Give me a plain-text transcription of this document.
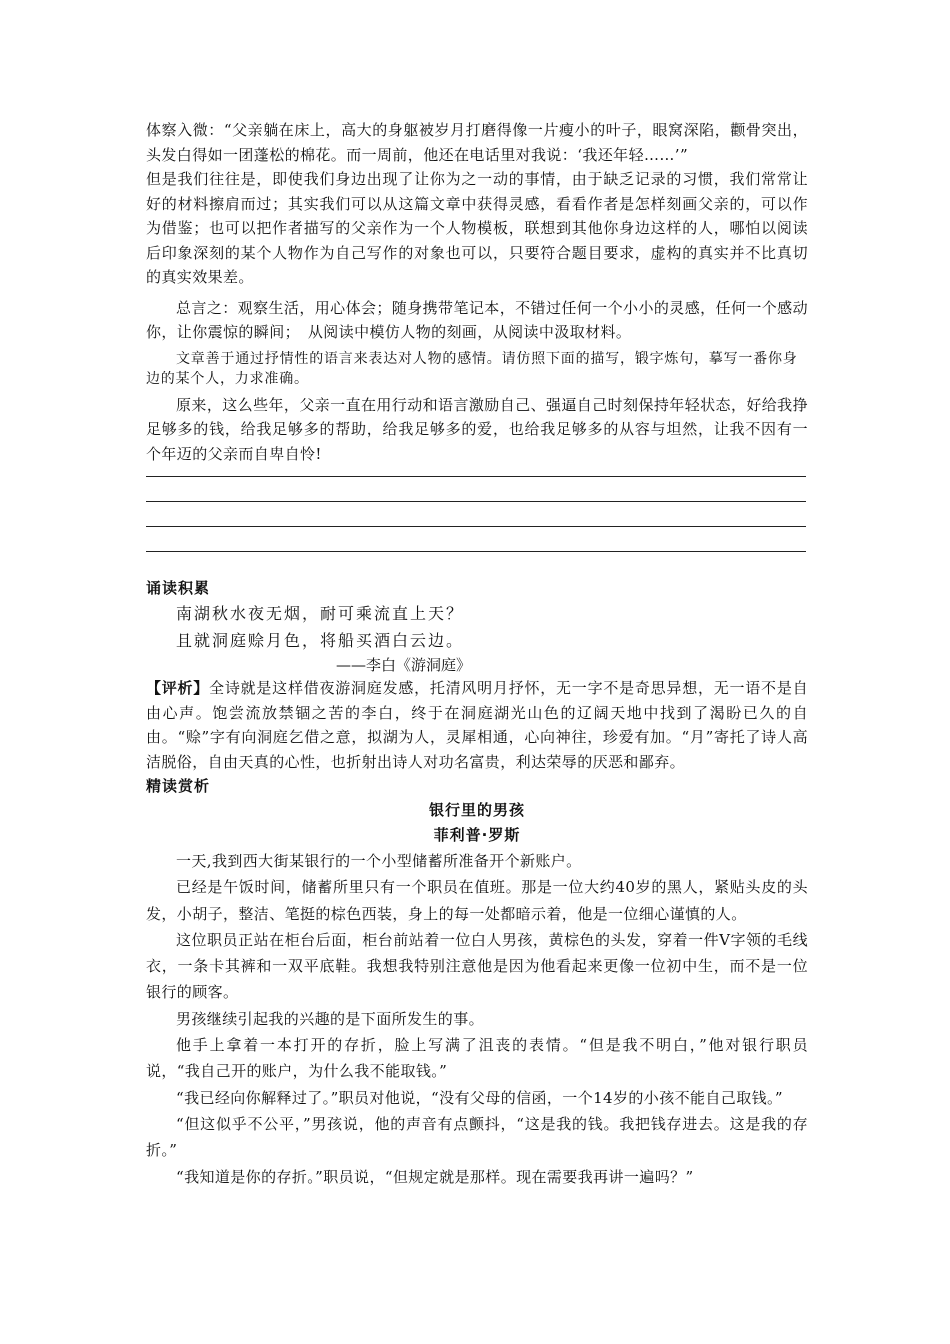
体察入微：“父亲躺在床上，高大的身躯被岁月打磨得像一片瘦小的叶子，眼窝深陷，颧骨突出，头发白得如一团蓬松的棉花。而一周前，他还在电话里对我说：‘我还年轻……’”

但是我们往往是，即使我们身边出现了让你为之一动的事情，由于缺乏记录的习惯，我们常常让好的材料擦肩而过；其实我们可以从这篇文章中获得灵感，看看作者是怎样刻画父亲的，可以作为借鉴；也可以把作者描写的父亲作为一个人物模板，联想到其他你身边这样的人，哪怕以阅读后印象深刻的某个人物作为自己写作的对象也可以，只要符合题目要求，虚构的真实并不比真切的真实效果差。

总言之：观察生活，用心体会；随身携带笔记本，不错过任何一个小小的灵感，任何一个感动你，让你震惊的瞬间；　从阅读中模仿人物的刻画，从阅读中汲取材料。

文章善于通过抒情性的语言来表达对人物的感情。请仿照下面的描写，锻字炼句，摹写一番你身边的某个人，力求准确。

原来，这么些年，父亲一直在用行动和语言激励自己、强逼自己时刻保持年轻状态，好给我挣足够多的钱，给我足够多的帮助，给我足够多的爱，也给我足够多的从容与坦然，让我不因有一个年迈的父亲而自卑自怜!

诵读积累

南湖秋水夜无烟，耐可乘流直上天？

且就洞庭赊月色，将船买酒白云边。

——李白《游洞庭》

【评析】全诗就是这样借夜游洞庭发感，托清风明月抒怀，无一字不是奇思异想，无一语不是自由心声。饱尝流放禁锢之苦的李白，终于在洞庭湖光山色的辽阔天地中找到了渴盼已久的自由。“赊”字有向洞庭乞借之意，拟湖为人，灵犀相通，心向神往，珍爱有加。“月”寄托了诗人高洁脱俗，自由天真的心性，也折射出诗人对功名富贵，利达荣辱的厌恶和鄙弃。

精读赏析
银行里的男孩
菲利普·罗斯

一天,我到西大街某银行的一个小型储蓄所准备开个新账户。

已经是午饭时间，储蓄所里只有一个职员在值班。那是一位大约40岁的黑人，紧贴头皮的头发，小胡子，整洁、笔挺的棕色西装，身上的每一处都暗示着，他是一位细心谨慎的人。

这位职员正站在柜台后面，柜台前站着一位白人男孩，黄棕色的头发，穿着一件V字领的毛线衣，一条卡其裤和一双平底鞋。我想我特别注意他是因为他看起来更像一位初中生，而不是一位银行的顾客。

男孩继续引起我的兴趣的是下面所发生的事。

他手上拿着一本打开的存折，脸上写满了沮丧的表情。“但是我不明白，”他对银行职员说，“我自己开的账户，为什么我不能取钱。”

“我已经向你解释过了。”职员对他说，“没有父母的信函，一个14岁的小孩不能自己取钱。”

“但这似乎不公平，”男孩说，他的声音有点颤抖，“这是我的钱。我把钱存进去。这是我的存折。”

“我知道是你的存折。”职员说，“但规定就是那样。现在需要我再讲一遍吗？”
